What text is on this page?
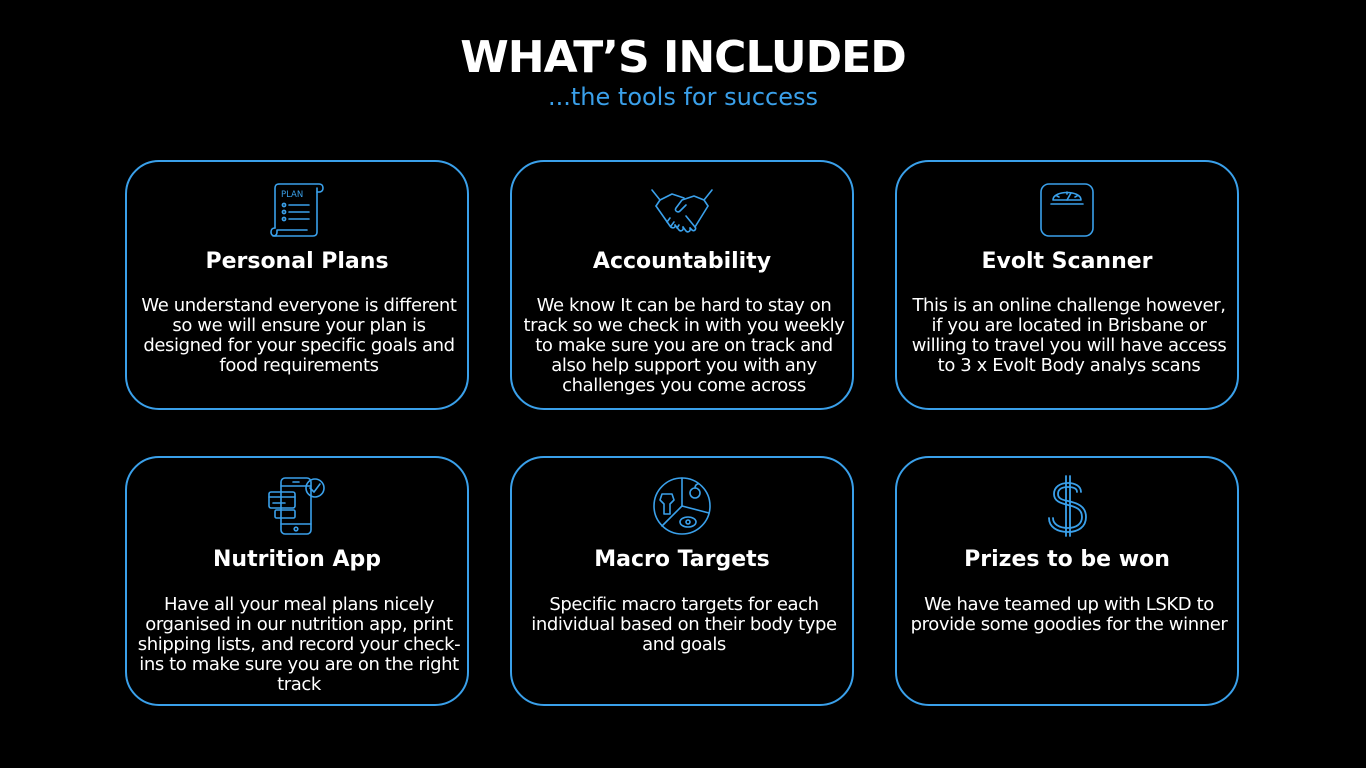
WHAT’S INCLUDED
...the tools for success
PLAN
Personal Plans
We understand everyone is different so we will ensure your plan is designed for your specific goals and food requirements
Accountability
We know It can be hard to stay on track so we check in with you weekly to make sure you are on track and also help support you with any challenges you come across
Evolt Scanner
This is an online challenge however, if you are located in Brisbane or willing to travel you will have access to 3 x Evolt Body analys scans
Nutrition App
Have all your meal plans nicely organised in our nutrition app, print shipping lists, and record your check-ins to make sure you are on the right track
Macro Targets
Specific macro targets for each individual based on their body type and goals
Prizes to be won
We have teamed up with LSKD to provide some goodies for the winner
